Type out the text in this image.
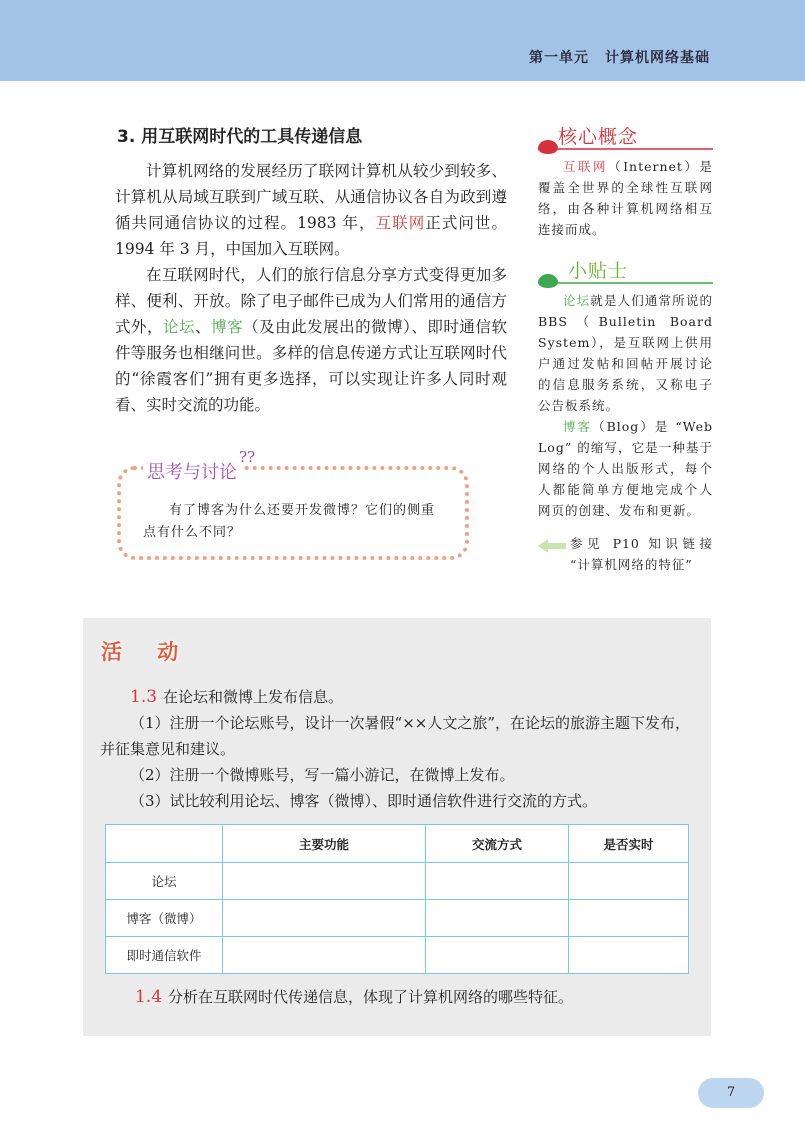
第一单元 计算机网络基础
3. 用互联网时代的工具传递信息

计算机网络的发展经历了联网计算机从较少到较多、计算机从局域互联到广域互联、从通信协议各自为政到遵循共同通信协议的过程。1983 年，互联网正式问世。1994 年 3 月，中国加入互联网。

在互联网时代，人们的旅行信息分享方式变得更加多样、便利、开放。除了电子邮件已成为人们常用的通信方式外，论坛、博客（及由此发展出的微博）、即时通信软件等服务也相继问世。多样的信息传递方式让互联网时代的“徐霞客们”拥有更多选择，可以实现让许多人同时观看、实时交流的功能。

核心概念

互联网（Internet）是覆盖全世界的全球性互联网络，由各种计算机网络相互连接而成。

小贴士

论坛就是人们通常所说的 BBS（Bulletin Board System），是互联网上供用户通过发帖和回帖开展讨论的信息服务系统，又称电子公告板系统。

博客（Blog）是 “Web Log” 的缩写，它是一种基于网络的个人出版形式，每个人都能简单方便地完成个人网页的创建、发布和更新。

参见 P10 知识链接 “计算机网络的特征”

思考与讨论
??
有了博客为什么还要开发微博？它们的侧重点有什么不同？
活 动

1.3 在论坛和微博上发布信息。

（1）注册一个论坛账号，设计一次暑假“××人文之旅”，在论坛的旅游主题下发布，并征集意见和建议。

（2）注册一个微博账号，写一篇小游记，在微博上发布。

（3）试比较利用论坛、博客（微博）、即时通信软件进行交流的方式。

	主要功能	交流方式	是否实时
论坛			
博客（微博）			
即时通信软件			
1.4 分析在互联网时代传递信息，体现了计算机网络的哪些特征。
7
